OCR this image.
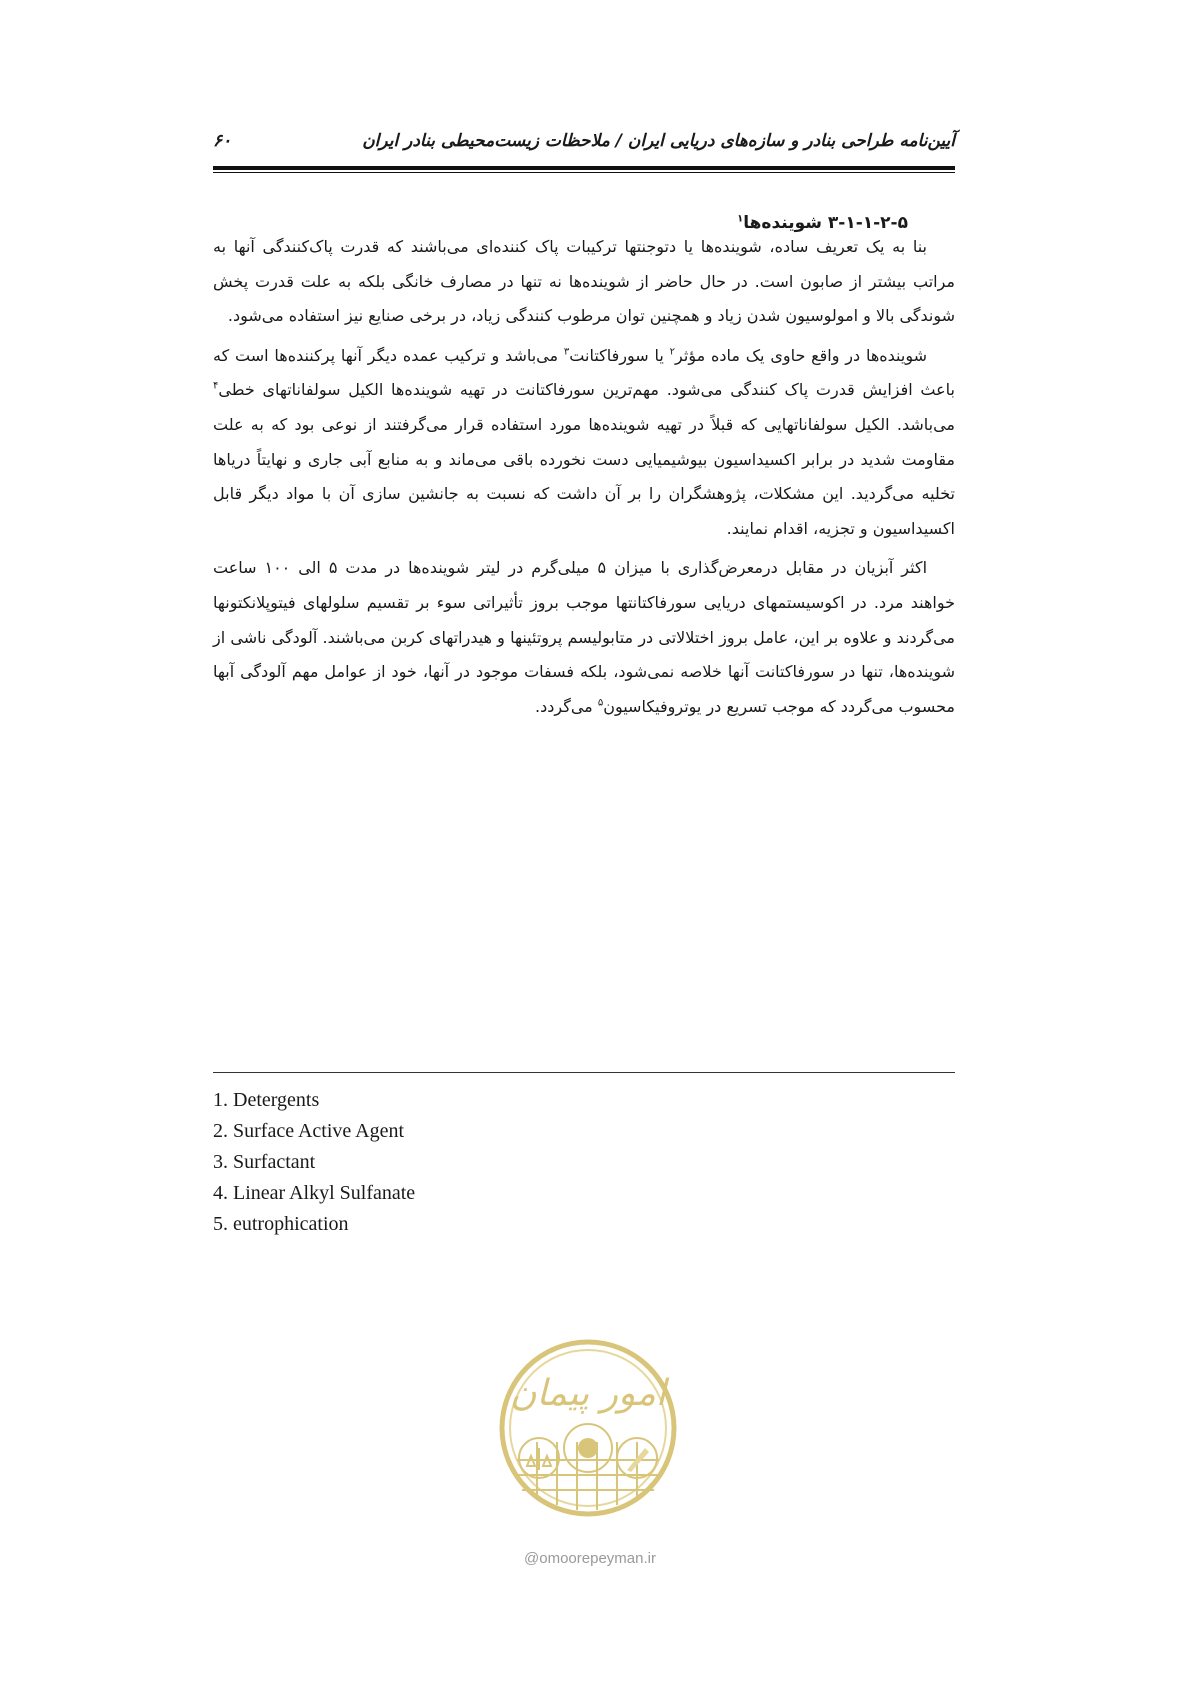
آیین‌نامه طراحی بنادر و سازه‌های دریایی ایران / ملاحظات زیست‌محیطی بنادر ایران
۶۰
۳-۱-۱-۲-۵ شوینده‌ها$^۱$

بنا به یک تعریف ساده، شوینده‌ها یا دتوجنتها ترکیبات پاک کننده‌ای می‌باشند که قدرت پاک‌کنندگی آنها به مراتب بیشتر از صابون است. در حال حاضر از شوینده‌ها نه تنها در مصارف خانگی بلکه به علت قدرت پخش شوندگی بالا و امولوسیون شدن زیاد و همچنین توان مرطوب کنندگی زیاد، در برخی صنایع نیز استفاده می‌شود.

شوینده‌ها در واقع حاوی یک ماده مؤثر$^۲$ یا سورفاکتانت$^۳$ می‌باشد و ترکیب عمده دیگر آنها پرکننده‌ها است که باعث افزایش قدرت پاک کنندگی می‌شود. مهم‌ترین سورفاکتانت در تهیه شوینده‌ها الکیل سولفاناتهای خطی$^۴$ می‌باشد. الکیل سولفاناتهایی که قبلاً در تهیه شوینده‌ها مورد استفاده قرار می‌گرفتند از نوعی بود که به علت مقاومت شدید در برابر اکسیداسیون بیوشیمیایی دست نخورده باقی می‌ماند و به منابع آبی جاری و نهایتاً دریاها تخلیه می‌گردید. این مشکلات، پژوهشگران را بر آن داشت که نسبت به جانشین سازی آن با مواد دیگر قابل اکسیداسیون و تجزیه، اقدام نمایند.

اکثر آبزیان در مقابل درمعرض‌گذاری با میزان ۵ میلی‌گرم در لیتر شوینده‌ها در مدت ۵ الی ۱۰۰ ساعت خواهند مرد. در اکوسیستمهای دریایی سورفاکتانتها موجب بروز تأثیراتی سوء بر تقسیم سلولهای فیتوپلانکتونها می‌گردند و علاوه بر این، عامل بروز اختلالاتی در متابولیسم پروتئینها و هیدراتهای کربن می‌باشند. آلودگی ناشی از شوینده‌ها، تنها در سورفاکتانت آنها خلاصه نمی‌شود، بلکه فسفات موجود در آنها، خود از عوامل مهم آلودگی آبها محسوب می‌گردد که موجب تسریع در یوتروفیکاسیون$^۵$ می‌گردد.

1. Detergents
2. Surface Active Agent
3. Surfactant
4. Linear Alkyl Sulfanate
5. eutrophication
امور پیمان
@omoorepeyman.ir
